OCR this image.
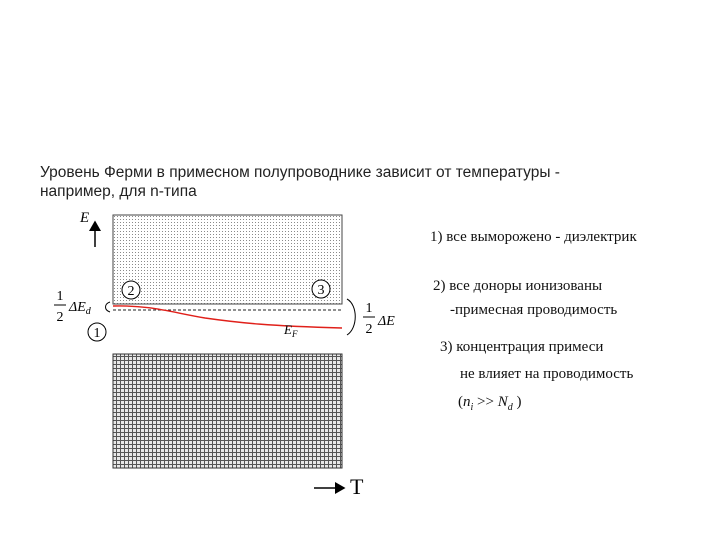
Уровень Ферми в примесном полупроводнике зависит от температуры -
например, для n-типа
E
T
2	3
1
1
2
$\Delta E_d$	1
2
ΔE
$E_F$
1) все выморожено - диэлектрик
2) все доноры ионизованы
-примесная проводимость
3) концентрация примеси
не влияет на проводимость
($n_i >> N_d$ )
